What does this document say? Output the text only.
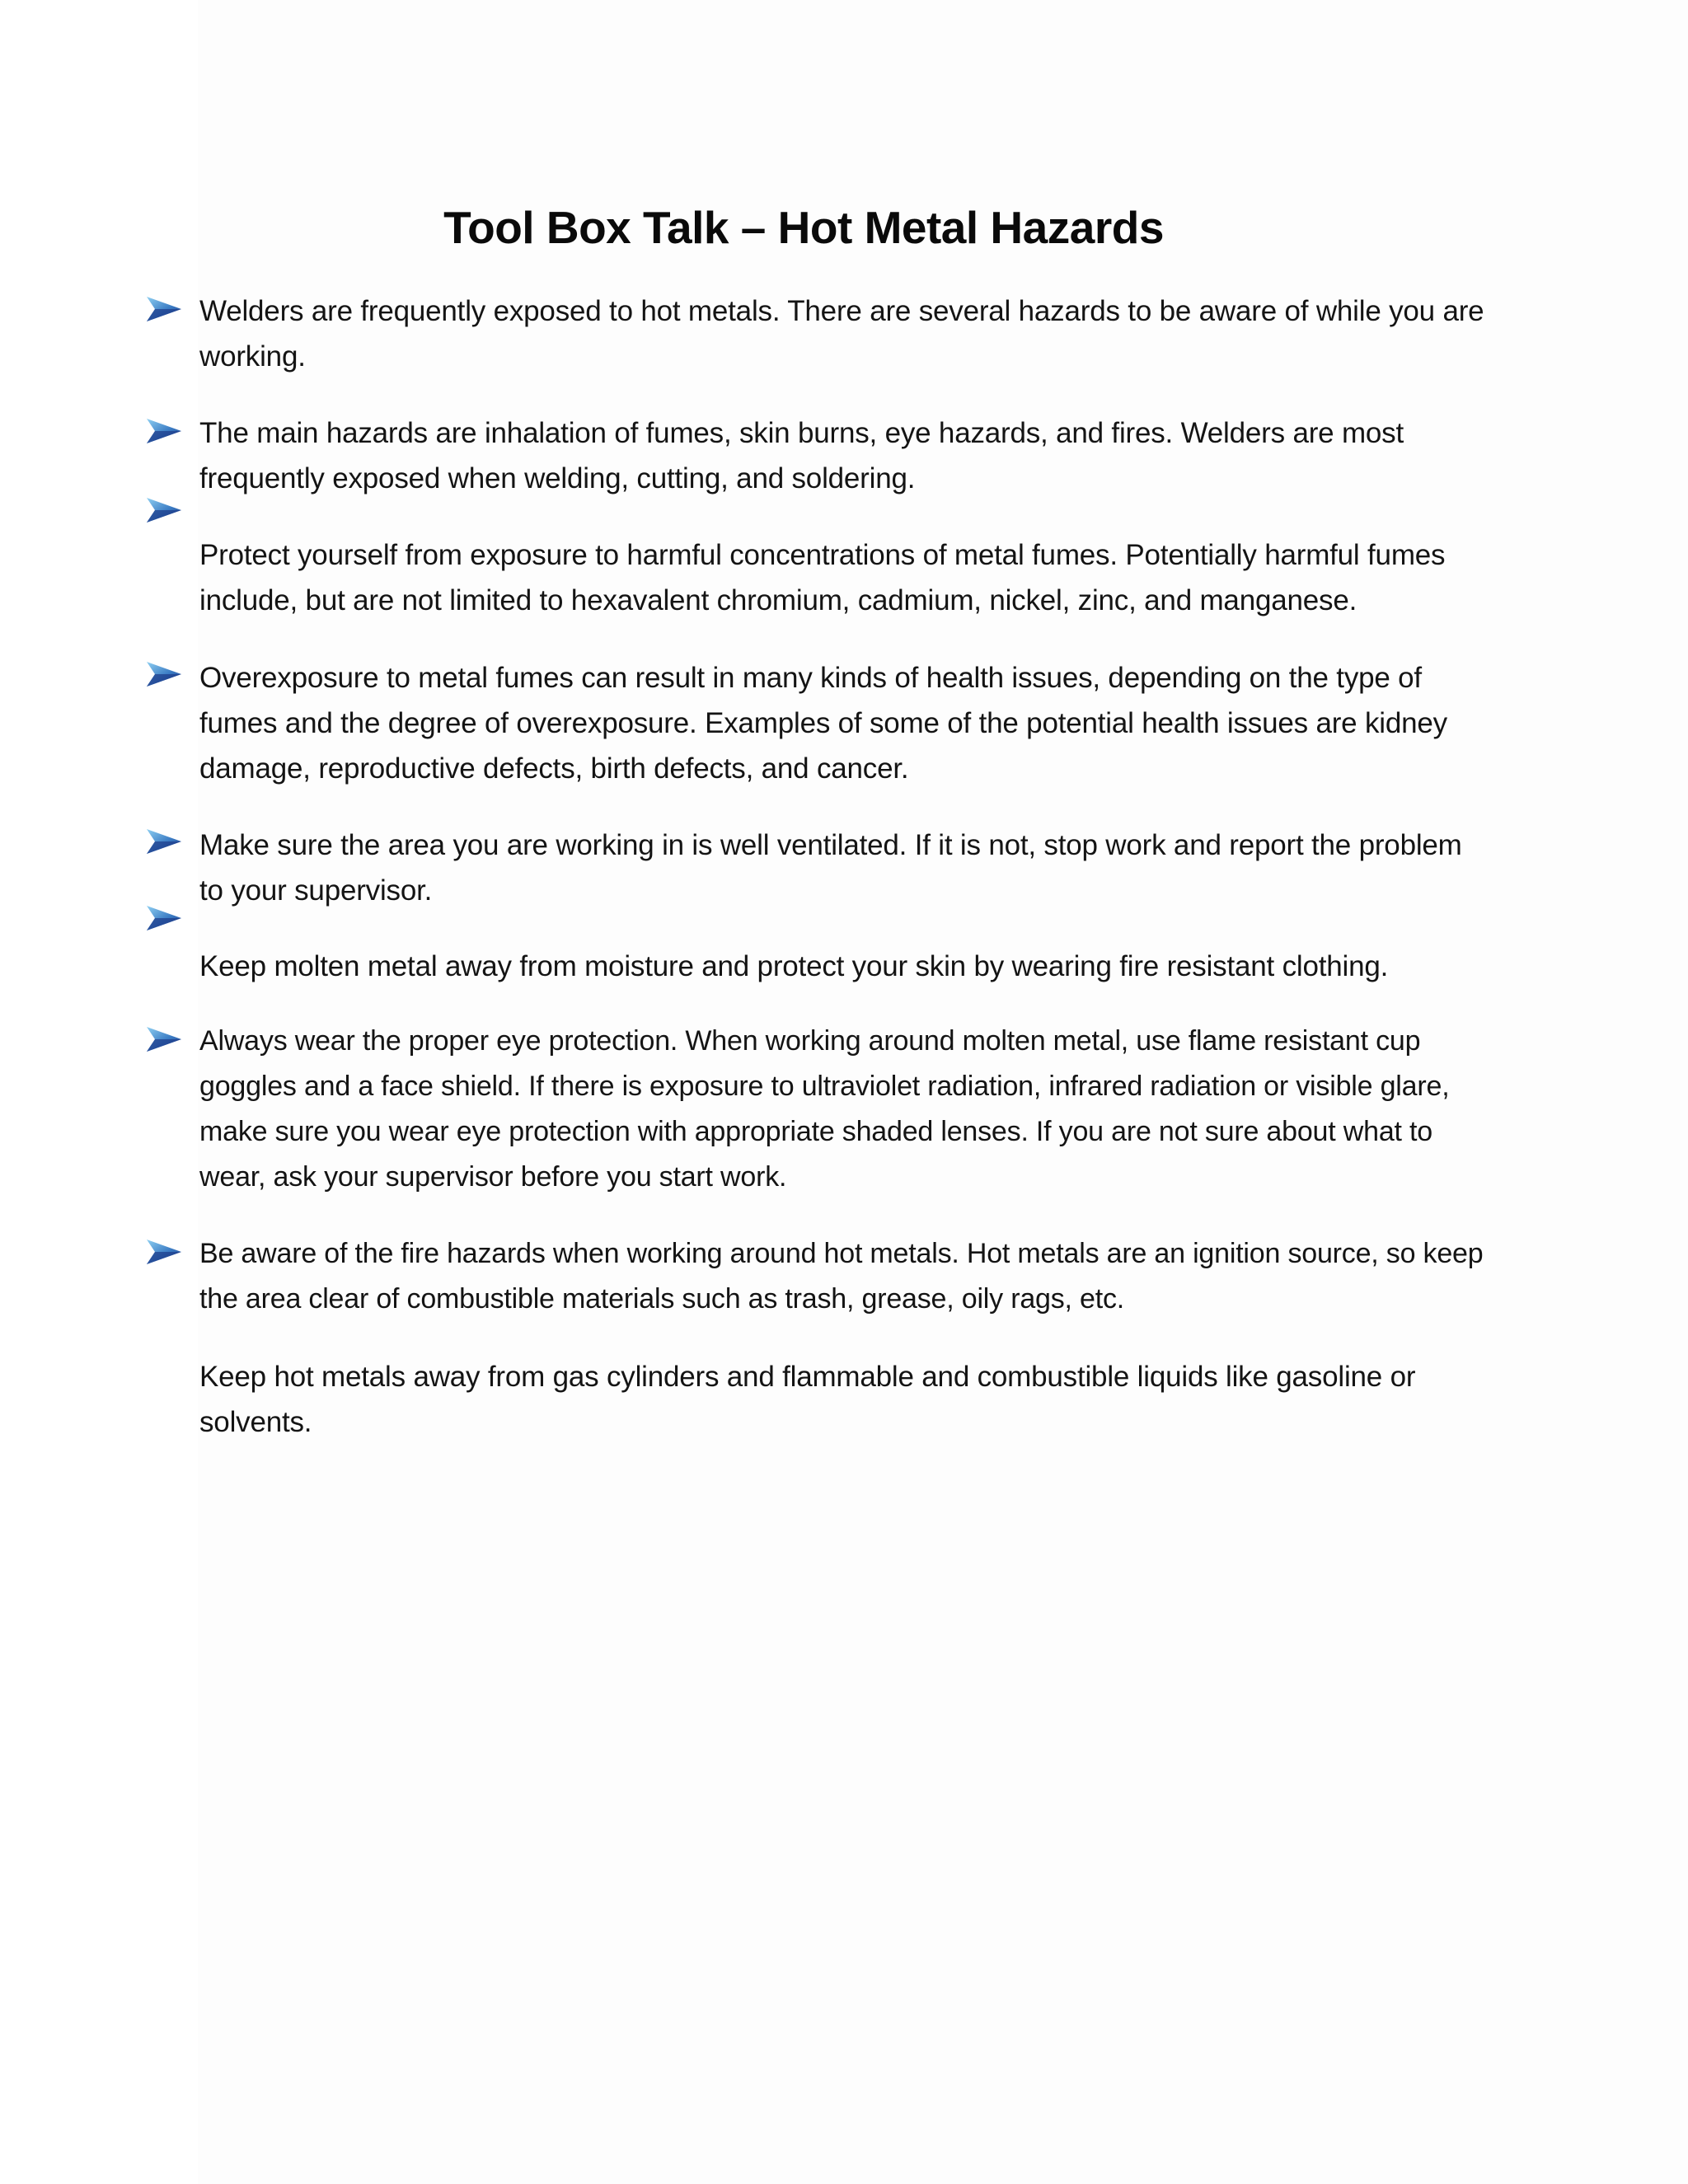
Tool Box Talk – Hot Metal Hazards
Welders are frequently exposed to hot metals. There are several hazards to be aware of while you are working.
The main hazards are inhalation of fumes, skin burns, eye hazards, and fires. Welders are most frequently exposed when welding, cutting, and soldering.
Protect yourself from exposure to harmful concentrations of metal fumes. Potentially harmful fumes include, but are not limited to hexavalent chromium, cadmium, nickel, zinc, and manganese.
Overexposure to metal fumes can result in many kinds of health issues, depending on the type of fumes and the degree of overexposure. Examples of some of the potential health issues are kidney damage, reproductive defects, birth defects, and cancer.
Make sure the area you are working in is well ventilated. If it is not, stop work and report the problem to your supervisor.
Keep molten metal away from moisture and protect your skin by wearing fire resistant clothing.
Always wear the proper eye protection. When working around molten metal, use flame resistant cup goggles and a face shield. If there is exposure to ultraviolet radiation, infrared radiation or visible glare, make sure you wear eye protection with appropriate shaded lenses. If you are not sure about what to wear, ask your supervisor before you start work.
Be aware of the fire hazards when working around hot metals. Hot metals are an ignition source, so keep the area clear of combustible materials such as trash, grease, oily rags, etc.
Keep hot metals away from gas cylinders and flammable and combustible liquids like gasoline or solvents.
